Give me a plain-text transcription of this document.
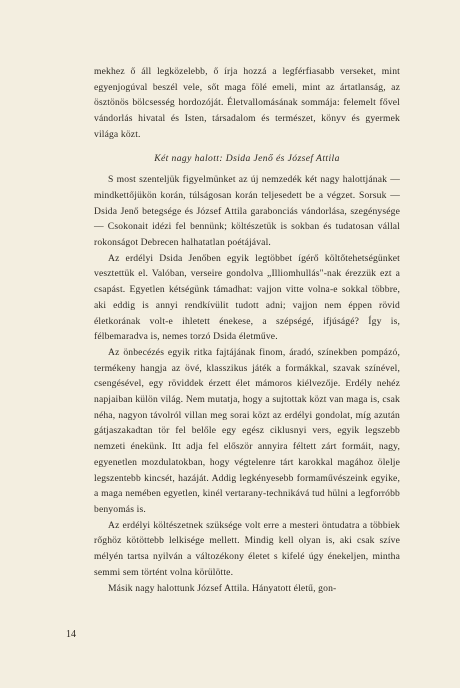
mekhez ő áll legközelebb, ő írja hozzá a legférfiasabb verseket, mint egyenjogúval beszél vele, sőt maga fölé emeli, mint az ártatlanság, az ösztönös bölcsesség hordozóját. Életvallomásának sommája: felemelt fővel vándorlás hivatal és Isten, társadalom és természet, könyv és gyermek világa közt.

Két nagy halott: Dsida Jenő és József Attila

S most szenteljük figyelmünket az új nemzedék két nagy halottjának — mindkettőjükön korán, túlságosan korán teljesedett be a végzet. Sorsuk — Dsida Jenő betegsége és József Attila garabonciás vándorlása, szegénysége — Csokonait idézi fel bennünk; költészetük is sokban és tudatosan vállal rokonságot Debrecen halhatatlan poétájával.

Az erdélyi Dsida Jenőben egyik legtöbbet ígérő költőtehetségünket vesztettük el. Valóban, verseire gondolva „Illiomhullás"-nak érezzük ezt a csapást. Egyetlen kétségünk támadhat: vajjon vitte volna-e sokkal többre, aki eddig is annyi rendkívülit tudott adni; vajjon nem éppen rövid életkorának volt-e ihletett énekese, a szépségé, ifjúságé? Így is, félbemaradva is, nemes torzó Dsida életműve.

Az önbecézés egyik ritka fajtájának finom, áradó, színekben pompázó, termékeny hangja az övé, klasszikus játék a formákkal, szavak színével, csengésével, egy röviddek érzett élet mámoros kiélvezője. Erdély nehéz napjaiban külön világ. Nem mutatja, hogy a sujtottak közt van maga is, csak néha, nagyon távolról villan meg sorai közt az erdélyi gondolat, míg azután gátjaszakadtan tör fel belőle egy egész ciklusnyi vers, egyik legszebb nemzeti énekünk. Itt adja fel először annyira féltett zárt formáit, nagy, egyenetlen mozdulatokban, hogy végtelenre tárt karokkal magához ölelje legszentebb kincsét, hazáját. Addig legkényesebb formaművészeink egyike, a maga nemében egyetlen, kinél vertarany-technikává tud hülni a legforróbb benyomás is.

Az erdélyi költészetnek szüksége volt erre a mesteri öntudatra a többiek rőghöz kötöttebb lelkisége mellett. Mindig kell olyan is, aki csak szíve mélyén tartsa nyilván a változékony életet s kifelé úgy énekeljen, mintha semmi sem történt volna körülötte.

Másik nagy halottunk József Attila. Hányatott életű, gon-

14
